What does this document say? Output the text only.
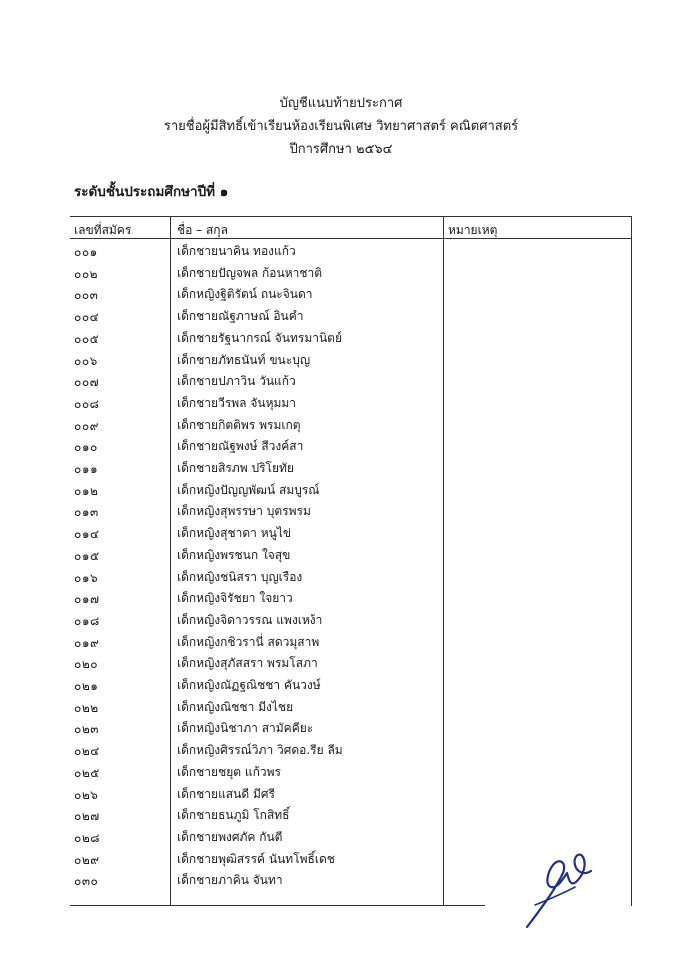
บัญชีแนบท้ายประกาศ
รายชื่อผู้มีสิทธิ์เข้าเรียนห้องเรียนพิเศษ วิทยาศาสตร์ คณิตศาสตร์
ปีการศึกษา ๒๕๖๔
ระดับชั้นประถมศึกษาปีที่ ๑
เลขที่สมัคร	ชื่อ – สกุล	หมายเหตุ
๐๐๑	เด็กชายนาคิน ทองแก้ว
๐๐๒	เด็กชายปัญจพล ก้อนหาชาติ
๐๐๓	เด็กหญิงฐิติรัตน์ ถนะจินดา
๐๐๔	เด็กชายณัฐภาษณ์ อินคำ
๐๐๕	เด็กชายรัฐนากรณ์ จันทรมานิตย์
๐๐๖	เด็กชายภัทธนันท์ ขนะบุญ
๐๐๗	เด็กชายปภาวิน วันแก้ว
๐๐๘	เด็กชายวีรพล จันหุมมา
๐๐๙	เด็กชายกิตติพร พรมเกตุ
๐๑๐	เด็กชายณัฐพงษ์ สีวงค์สา
๐๑๑	เด็กชายสิรภพ ปริโยทัย
๐๑๒	เด็กหญิงปัญญพัฒน์ สมบูรณ์
๐๑๓	เด็กหญิงสุพรรษา บุตรพรม
๐๑๔	เด็กหญิงสุชาดา หนูไข่
๐๑๕	เด็กหญิงพรชนก ใจสุข
๐๑๖	เด็กหญิงชนิสรา บุญเรือง
๐๑๗	เด็กหญิงจิรัชยา ใจยาว
๐๑๘	เด็กหญิงจิดาวรรณ แพงเหง้า
๐๑๙	เด็กหญิงกชิวรานี่ สดวมุสาพ
๐๒๐	เด็กหญิงสุภัสสรา พรมโสภา
๐๒๑	เด็กหญิงณัฏฐณิชชา คันวงษ์
๐๒๒	เด็กหญิงณิชชา มีงไชย
๐๒๓	เด็กหญิงนิชาภา สามัคคียะ
๐๒๔	เด็กหญิงศิรรณ์วิภา วิศดอ.รีย ลีม
๐๒๕	เด็กชายชยุต แก้วพร
๐๒๖	เด็กชายแสนดี มีศรี
๐๒๗	เด็กชายธนภูมิ โกสิทธิ์
๐๒๘	เด็กชายพงศภัค กันตี
๐๒๙	เด็กชายพุฒิสรรค์ นันทโพธิ์เดช
๐๓๐	เด็กชายภาคิน จันทา
